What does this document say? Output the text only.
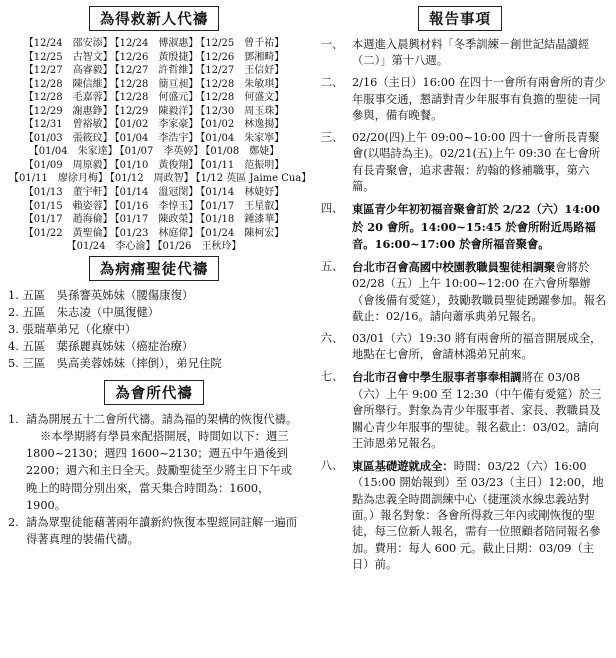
為得救新人代禱
【12/24　邵安添】 【12/24　傅淑惠】 【12/25　曾千祐】
【12/25　古智文】 【12/26　黃殷捷】 【12/26　鄧湘畸】
【12/27　高睿毅】 【12/27　許哲維】 【12/27　王信妤】
【12/28　陳信維】 【12/28　簡亘昶】 【12/28　朱敏琪】
【12/28　毛嘉蓉】 【12/28　何盛元】 【12/28　何盛文】
【12/29　謝惠錚】 【12/29　陳毅洋】 【12/30　周玉珠】
【12/31　曾裕敏】 【01/02　李家豪】 【01/02　林逸揚】
【01/03　張筱玟】 【01/04　李浩宇】 【01/04　朱家寧】
【01/04　朱家達】 【01/07　李英婷】 【01/08　鄭婕】
【01/09　周原毅】 【01/10　黃俊翔】 【01/11　范振明】
【01/11　廖徐月梅】 【01/12　周政智】 【1/12 英區 Jaime Cua】
【01/13　董宇軒】 【01/14　溫冠閔】 【01/14　林婕妤】
【01/15　賴姿蓉】 【01/16　李惇玉】 【01/17　王星叡】
【01/17　趙海倫】 【01/17　陳政榮】 【01/18　鍾漆華】
【01/22　黃聖倫】 【01/23　林庭偉】 【01/24　陳柯宏】
【01/24　李心渝】 【01/26　王秋玲】
為病痛聖徒代禱
1. 五區　吳孫謇英姊妹（腰傷康復）
2. 五區　朱志凌（中風復健）
3. 張瑞華弟兄（化療中）
4. 五區　葉孫麗真姊妹（癌症治療）
5. 三區　吳高美蓉姊妹（摔倒），弟兄住院
為會所代禱
1. 請為開展五十二會所代禱。請為福的架構的恢復代禱。
※本學期將有學員來配搭開展，時間如以下：週三 1800~2130；週四 1600~2130；週五中午過後到 2200；週六和主日全天。鼓勵聖徒至少將主日下午或晚上的時間分別出來，當天集合時間為：1600，1900。
2. 請為眾聖徒能藉著兩年讀新約恢復本聖經同註解一遍而得著真理的裝備代禱。
報告事項
一、 本週進入晨興材料「冬季訓練－創世記結晶讀經（二）」第十八週。
二、 2/16（主日）16:00 在四十一會所有兩會所的青少年服事交通，懇請對青少年服事有負擔的聖徒一同參與，備有晚餐。
三、 02/20(四)上午 09:00~10:00 四十一會所長青聚會(以唱詩為主)。02/21(五)上午 09:30 在七會所有長青聚會，追求書報：約翰的修補職事，第六篇。
四、 東區青少年初初福音聚會訂於 2/22（六）14:00 於 20 會所。14:00~15:45 於會所附近馬路福音。16:00~17:00 於會所福音聚會。
五、 台北市召會高國中校園教職員聖徒相調聚會將於 02/28（五）上午 10:00~12:00 在六會所舉辦（會後備有愛筵），鼓勵教職員聖徒踴躍參加。報名截止：02/16。請向蕭承典弟兄報名。
六、 03/01（六）19:30 將有兩會所的福音開展成全，地點在七會所，會請林鴻弟兄前來。
七、 台北市召會中學生服事者事奉相調將在 03/08（六）上午 9:00 至 12:30（中午備有愛筵）於三會所舉行。對象為青少年服事者、家長、教職員及關心青少年服事的聖徒。報名截止：03/02。請向王沛恩弟兄報名。
八、 東區基礎遊就成全：時間：03/22（六）16:00（15:00 開始報到）至 03/23（主日）12:00，地點為忠義全時間訓練中心（捷運淡水線忠義站對面。）報名對象：各會所得救三年內或剛恢復的聖徒，每三位新人報名，需有一位照顧者陪同報名參加。費用：每人 600 元。截止日期：03/09（主日）前。
